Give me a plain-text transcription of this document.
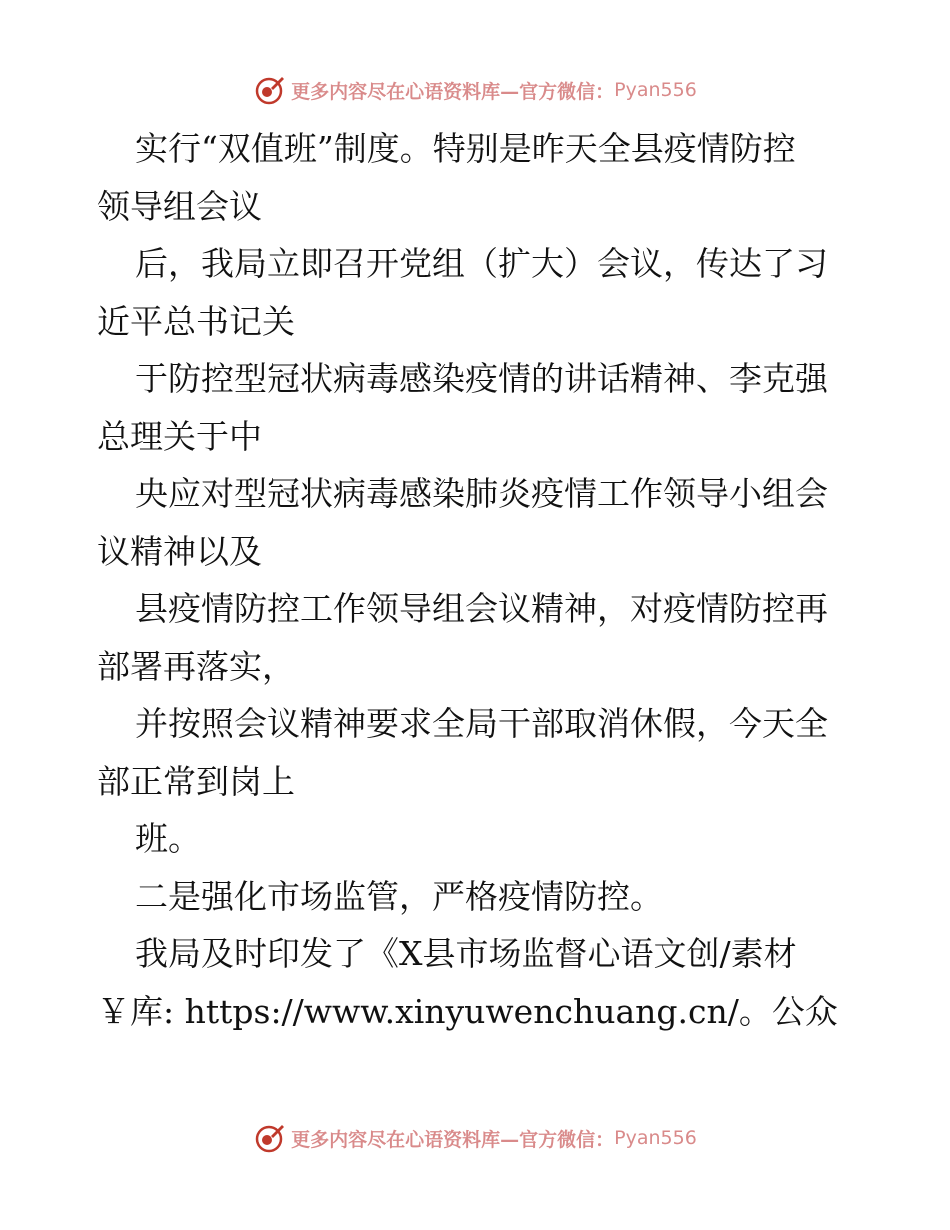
更多内容尽在心语资料库—官方微信： Pyan556
实行“双值班”制度。特别是昨天全县疫情防控
领导组会议
后，我局立即召开党组（扩大）会议，传达了习
近平总书记关
于防控型冠状病毒感染疫情的讲话精神、李克强
总理关于中
央应对型冠状病毒感染肺炎疫情工作领导小组会
议精神以及
县疫情防控工作领导组会议精神，对疫情防控再
部署再落实，
并按照会议精神要求全局干部取消休假，今天全
部正常到岗上
班。
二是强化市场监管，严格疫情防控。
我局及时印发了《X县市场监督心语文创/素材
￥库: https://www.xinyuwenchuang.cn/。公众
更多内容尽在心语资料库—官方微信： Pyan556
